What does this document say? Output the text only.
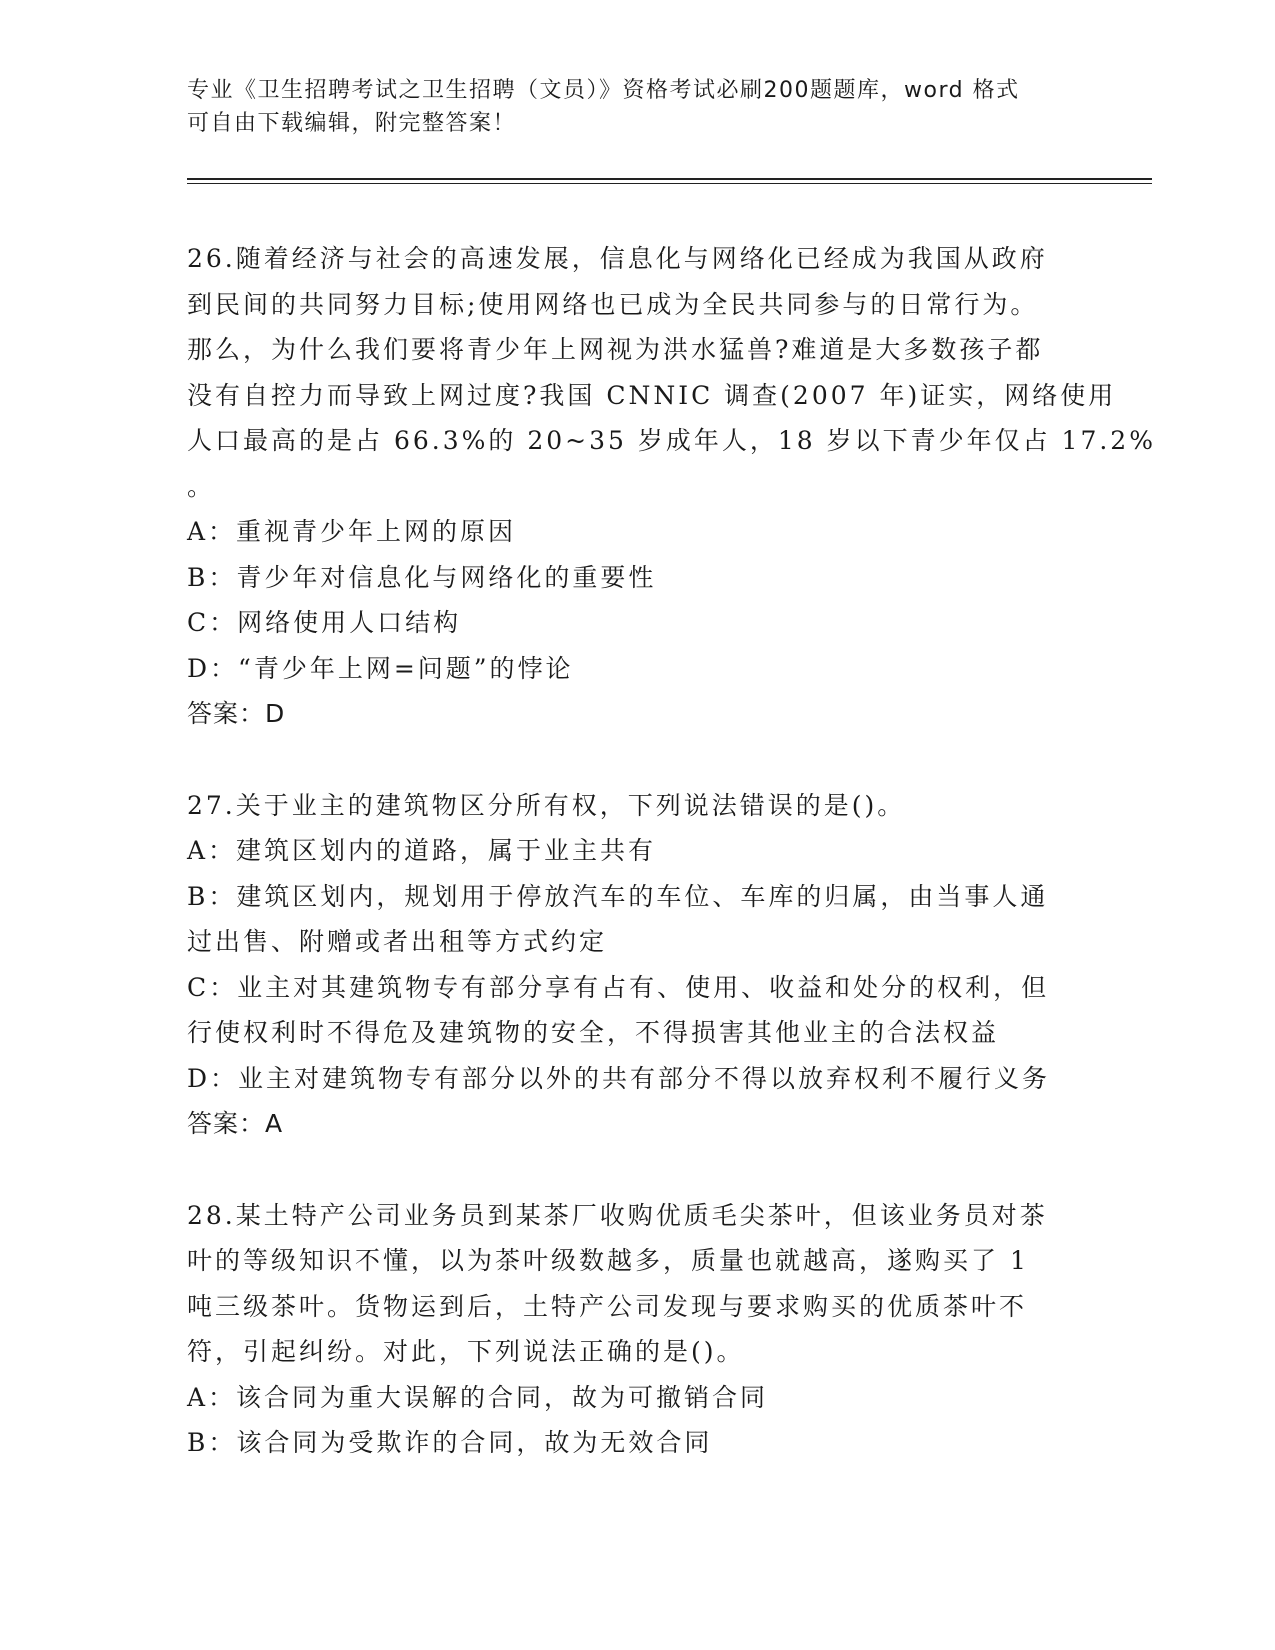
专业《卫生招聘考试之卫生招聘（文员）》资格考试必刷200题题库，word 格式
可自由下载编辑，附完整答案！
26.随着经济与社会的高速发展，信息化与网络化已经成为我国从政府
到民间的共同努力目标;使用网络也已成为全民共同参与的日常行为。
那么，为什么我们要将青少年上网视为洪水猛兽?难道是大多数孩子都
没有自控力而导致上网过度?我国 CNNIC 调查(2007 年)证实，网络使用
人口最高的是占 66.3%的 20~35 岁成年人，18 岁以下青少年仅占 17.2%
。
A：重视青少年上网的原因
B：青少年对信息化与网络化的重要性
C：网络使用人口结构
D：“青少年上网=问题”的悖论
答案：D
27.关于业主的建筑物区分所有权，下列说法错误的是()。
A：建筑区划内的道路，属于业主共有
B：建筑区划内，规划用于停放汽车的车位、车库的归属，由当事人通
过出售、附赠或者出租等方式约定
C：业主对其建筑物专有部分享有占有、使用、收益和处分的权利，但
行使权利时不得危及建筑物的安全，不得损害其他业主的合法权益
D：业主对建筑物专有部分以外的共有部分不得以放弃权利不履行义务
答案：A
28.某土特产公司业务员到某茶厂收购优质毛尖茶叶，但该业务员对茶
叶的等级知识不懂，以为茶叶级数越多，质量也就越高，遂购买了 1
吨三级茶叶。货物运到后，土特产公司发现与要求购买的优质茶叶不
符，引起纠纷。对此，下列说法正确的是()。
A：该合同为重大误解的合同，故为可撤销合同
B：该合同为受欺诈的合同，故为无效合同
